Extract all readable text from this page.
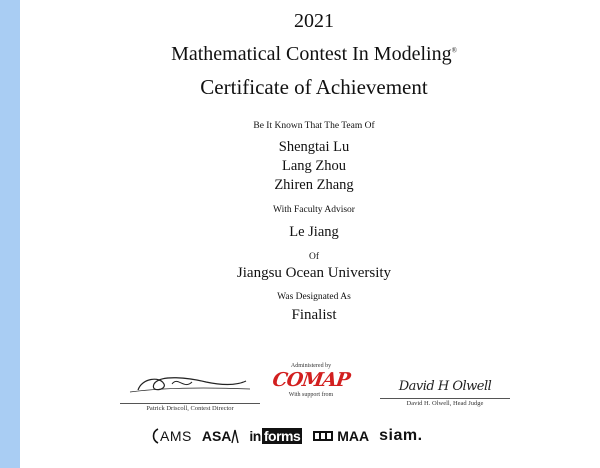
2021
Mathematical Contest In Modeling®
Certificate of Achievement
Be It Known That The Team Of
Shengtai Lu
Lang Zhou
Zhiren Zhang
With Faculty Advisor
Le Jiang
Of
Jiangsu Ocean University
Was Designated As
Finalist
Patrick Driscoll, Contest Director
Administered by
COMAP
With support from
David H Olwell
David H. Olwell, Head Judge
AMS ASA in forms	MAA siam.
